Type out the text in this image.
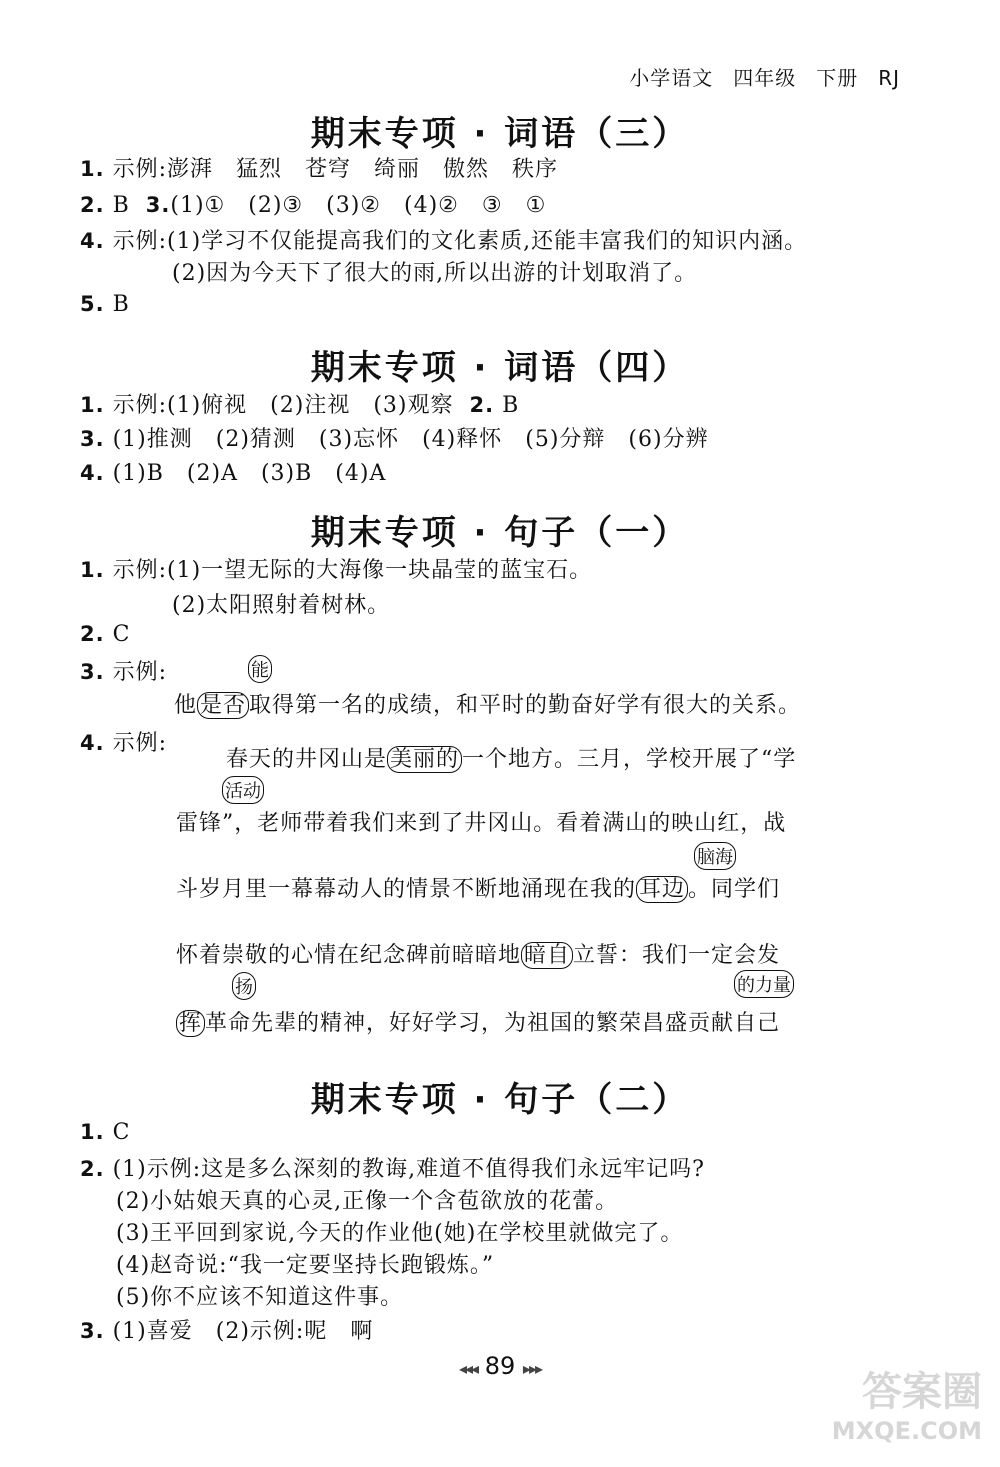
小学语文 四年级 下册 RJ
期末专项 · 词语（三）
1. 示例:澎湃　猛烈　苍穹　绮丽　傲然　秩序
2. B 3.(1)①　(2)③　(3)②　(4)②　③　①
4. 示例:(1)学习不仅能提高我们的文化素质,还能丰富我们的知识内涵。
(2)因为今天下了很大的雨,所以出游的计划取消了。
5. B
期末专项 · 词语（四）
1. 示例:(1)俯视　(2)注视　(3)观察 2. B
3. (1)推测　(2)猜测　(3)忘怀　(4)释怀　(5)分辩　(6)分辨
4. (1)B　(2)A　(3)B　(4)A
期末专项 · 句子（一）
1. 示例:(1)一望无际的大海像一块晶莹的蓝宝石。
(2)太阳照射着树林。
2. C
3. 示例:	能
他 是否 取得第一名的成绩，和平时的勤奋好学有很大的关系。
4. 示例:
春天的井冈山是 美丽的 一个地方。三月，学校开展了“学
活动
雷锋”，老师带着我们来到了井冈山。看着满山的映山红，战
脑海
斗岁月里一幕幕动人的情景不断地涌现在我的 耳边 。同学们
怀着崇敬的心情在纪念碑前暗暗地 暗自 立誓：我们一定会发
扬	的力量
挥 革命先辈的精神，好好学习，为祖国的繁荣昌盛贡献自己
期末专项 · 句子（二）
1. C
2. (1)示例:这是多么深刻的教诲,难道不值得我们永远牢记吗?
(2)小姑娘天真的心灵,正像一个含苞欲放的花蕾。
(3)王平回到家说,今天的作业他(她)在学校里就做完了。
(4)赵奇说:“我一定要坚持长跑锻炼。”
(5)你不应该不知道这件事。
3. (1)喜爱　(2)示例:呢　啊
◂◂◂ 89 ▸▸▸
答案圈
MXQE.COM
